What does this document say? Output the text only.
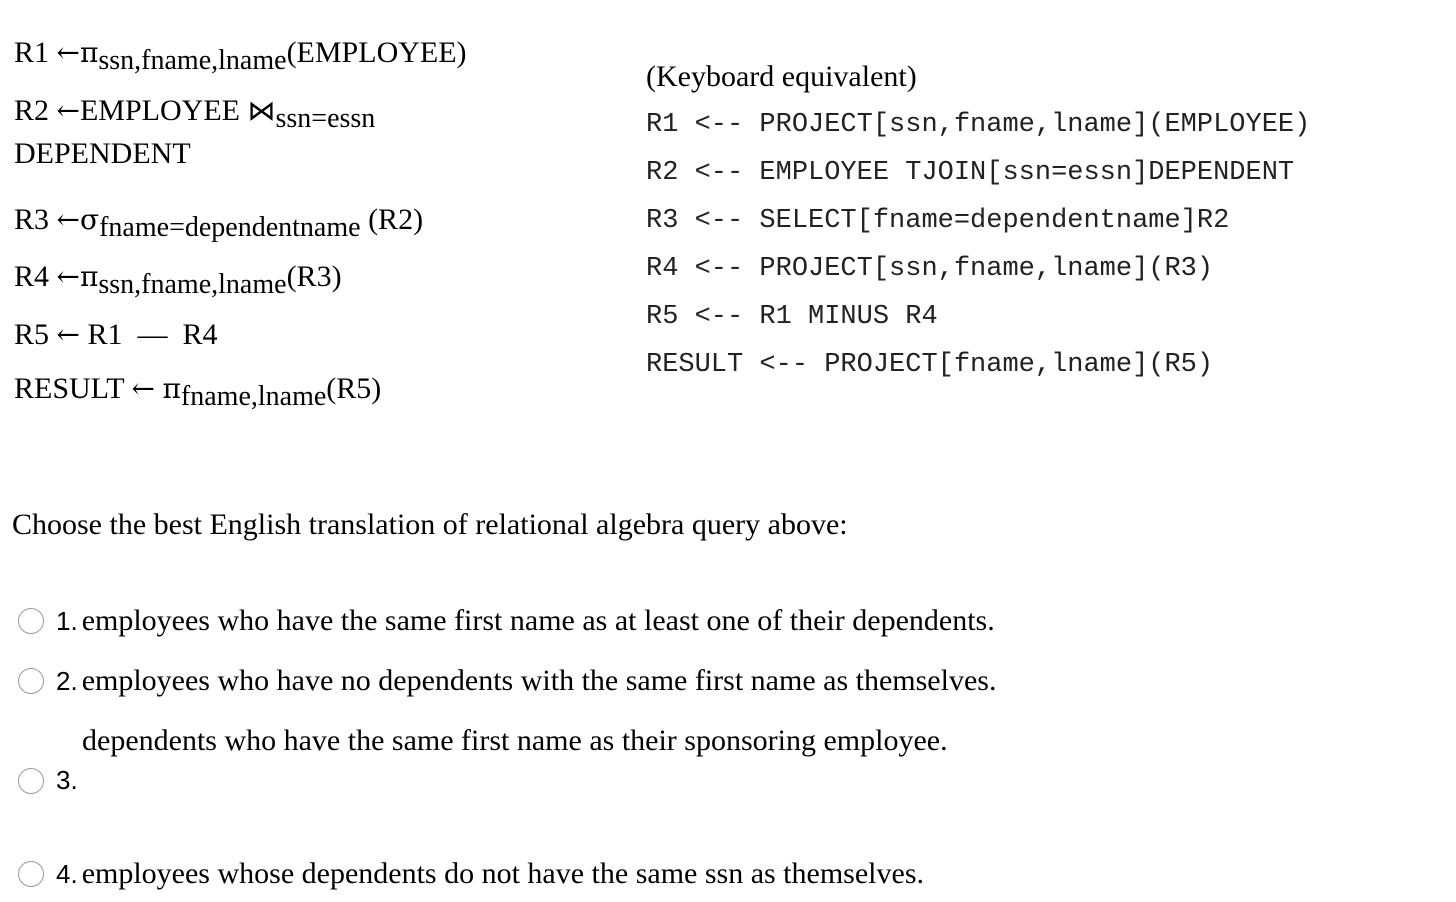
R1 ←πssn,fname,lname(EMPLOYEE)
R2 ←EMPLOYEE ⋈ssn=essn
DEPENDENT
R3 ←σfname=dependentname (R2)
R4 ←πssn,fname,lname(R3)
R5 ← R1 — R4
RESULT ← πfname,lname(R5)
(Keyboard equivalent)
R1 <-- PROJECT[ssn,fname,lname](EMPLOYEE)
R2 <-- EMPLOYEE TJOIN[ssn=essn]DEPENDENT
R3 <-- SELECT[fname=dependentname]R2
R4 <-- PROJECT[ssn,fname,lname](R3)
R5 <-- R1 MINUS R4
RESULT <-- PROJECT[fname,lname](R5)
Choose the best English translation of relational algebra query above:
1. employees who have the same first name as at least one of their dependents.
2. employees who have no dependents with the same first name as themselves.
dependents who have the same first name as their sponsoring employee.
3.
4. employees whose dependents do not have the same ssn as themselves.
